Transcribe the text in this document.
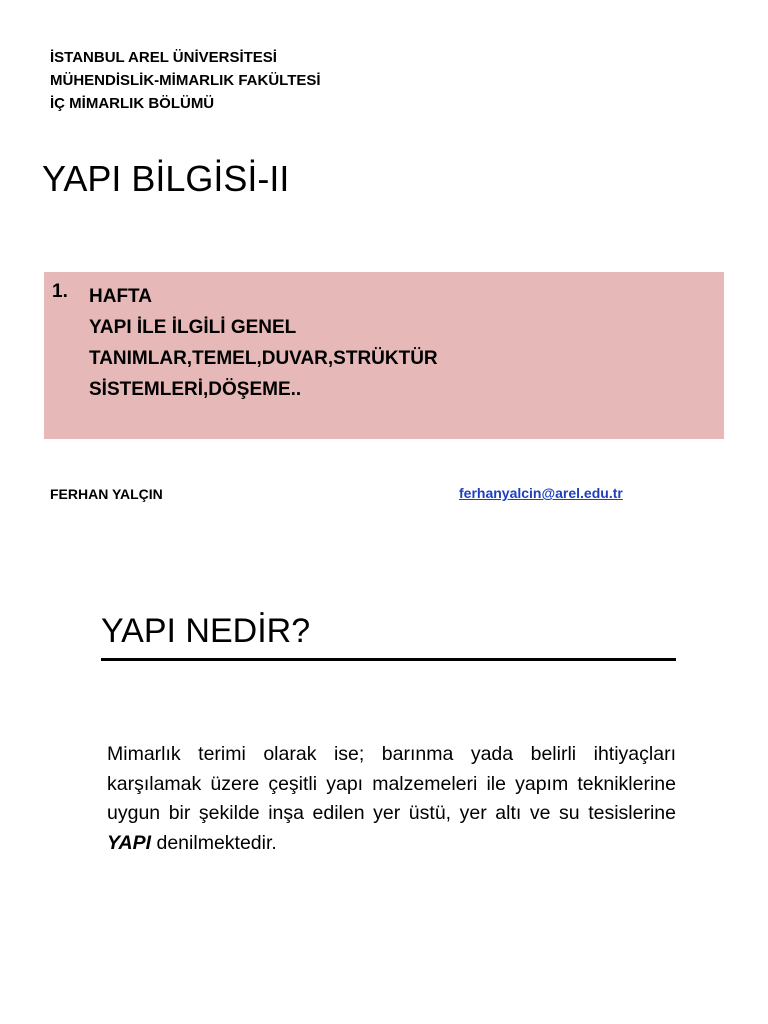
İSTANBUL AREL ÜNİVERSİTESİ
MÜHENDİSLİK-MİMARLIK FAKÜLTESİ
İÇ MİMARLIK BÖLÜMÜ
YAPI BİLGİSİ-II
1. HAFTA
YAPI İLE İLGİLİ GENEL
TANIMLAR,TEMEL,DUVAR,STRÜKTÜR
SİSTEMLERİ,DÖŞEME..
FERHAN YALÇIN	ferhanyalcin@arel.edu.tr
YAPI NEDİR?

Mimarlık terimi olarak ise; barınma yada belirli ihtiyaçları karşılamak üzere çeşitli yapı malzemeleri ile yapım tekniklerine uygun bir şekilde inşa edilen yer üstü, yer altı ve su tesislerine YAPI denilmektedir.
